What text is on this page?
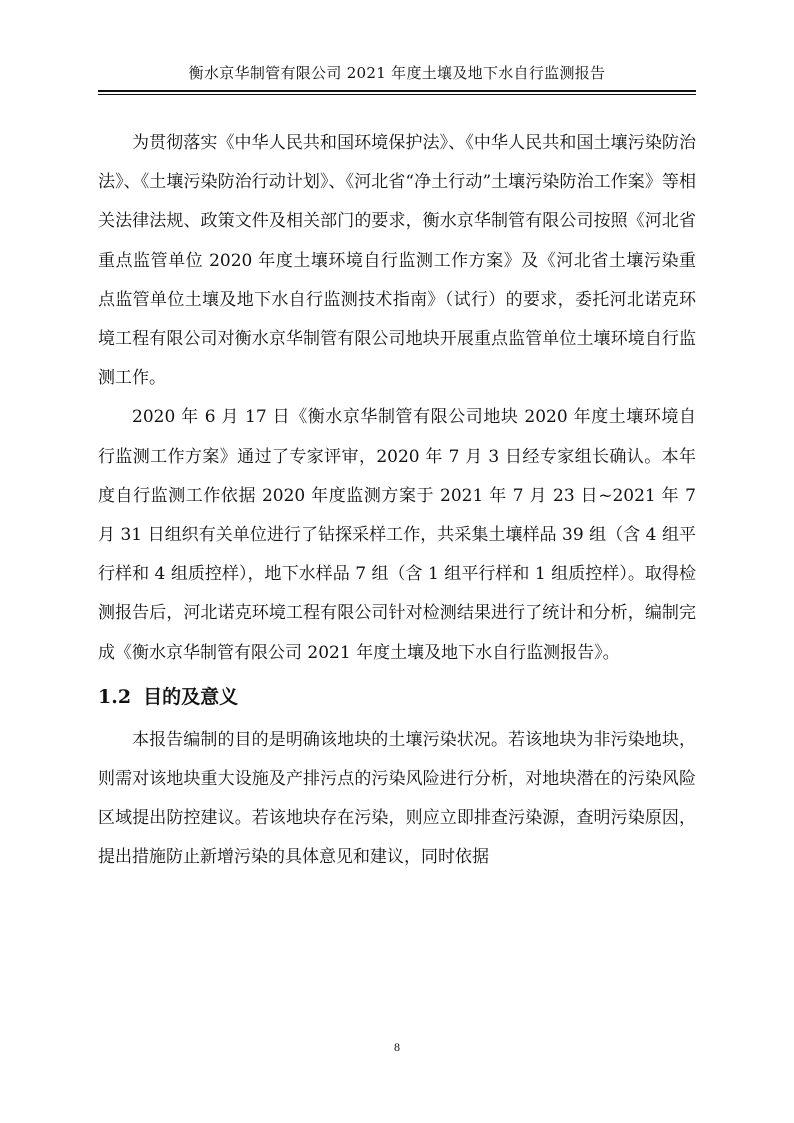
衡水京华制管有限公司 2021 年度土壤及地下水自行监测报告

为贯彻落实《中华人民共和国环境保护法》、《中华人民共和国土壤污染防治法》、《土壤污染防治行动计划》、《河北省“净土行动”土壤污染防治工作案》等相关法律法规、政策文件及相关部门的要求，衡水京华制管有限公司按照《河北省重点监管单位 2020 年度土壤环境自行监测工作方案》及《河北省土壤污染重点监管单位土壤及地下水自行监测技术指南》（试行）的要求，委托河北诺克环境工程有限公司对衡水京华制管有限公司地块开展重点监管单位土壤环境自行监测工作。

2020 年 6 月 17 日《衡水京华制管有限公司地块 2020 年度土壤环境自行监测工作方案》通过了专家评审，2020 年 7 月 3 日经专家组长确认。本年度自行监测工作依据 2020 年度监测方案于 2021 年 7 月 23 日~2021 年 7 月 31 日组织有关单位进行了钻探采样工作，共采集土壤样品 39 组（含 4 组平行样和 4 组质控样），地下水样品 7 组（含 1 组平行样和 1 组质控样）。取得检测报告后，河北诺克环境工程有限公司针对检测结果进行了统计和分析，编制完成《衡水京华制管有限公司 2021 年度土壤及地下水自行监测报告》。

1.2 目的及意义

本报告编制的目的是明确该地块的土壤污染状况。若该地块为非污染地块，则需对该地块重大设施及产排污点的污染风险进行分析，对地块潜在的污染风险区域提出防控建议。若该地块存在污染，则应立即排查污染源，查明污染原因，提出措施防止新增污染的具体意见和建议，同时依据

8
